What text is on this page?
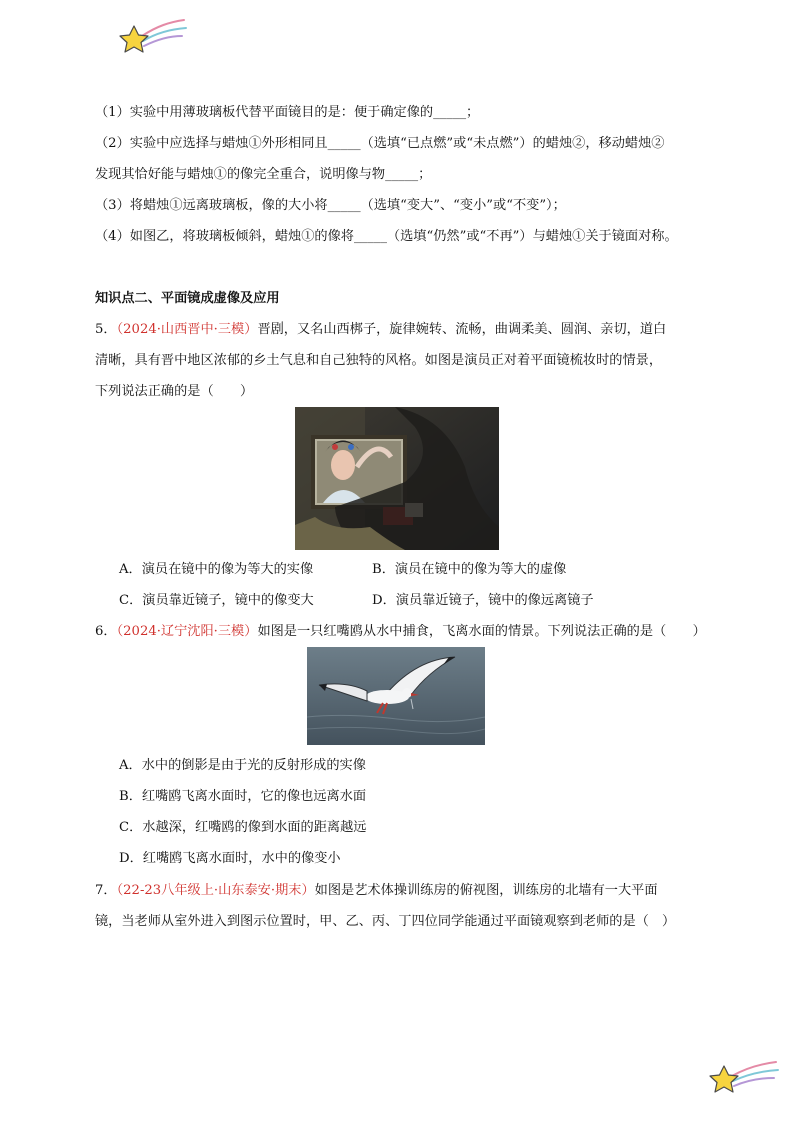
（1）实验中用薄玻璃板代替平面镜目的是：便于确定像的_____；
（2）实验中应选择与蜡烛①外形相同且_____（选填“已点燃”或“未点燃”）的蜡烛②，移动蜡烛②
发现其恰好能与蜡烛①的像完全重合，说明像与物_____；
（3）将蜡烛①远离玻璃板，像的大小将_____（选填“变大”、“变小”或“不变”）；
（4）如图乙，将玻璃板倾斜，蜡烛①的像将_____（选填“仍然”或“不再”）与蜡烛①关于镜面对称。
知识点二、平面镜成虚像及应用
5．（2024·山西晋中·三模）晋剧，又名山西梆子，旋律婉转、流畅，曲调柔美、圆润、亲切，道白
清晰，具有晋中地区浓郁的乡土气息和自己独特的风格。如图是演员正对着平面镜梳妆时的情景，
下列说法正确的是（　　）
A．演员在镜中的像为等大的实像	B．演员在镜中的像为等大的虚像
C．演员靠近镜子，镜中的像变大	D．演员靠近镜子，镜中的像远离镜子
6．（2024·辽宁沈阳·三模）如图是一只红嘴鸥从水中捕食，飞离水面的情景。下列说法正确的是（　　）
A．水中的倒影是由于光的反射形成的实像
B．红嘴鸥飞离水面时，它的像也远离水面
C．水越深，红嘴鸥的像到水面的距离越远
D．红嘴鸥飞离水面时，水中的像变小
7．（22-23八年级上·山东泰安·期末）如图是艺术体操训练房的俯视图，训练房的北墙有一大平面
镜，当老师从室外进入到图示位置时，甲、乙、丙、丁四位同学能通过平面镜观察到老师的是（　）
